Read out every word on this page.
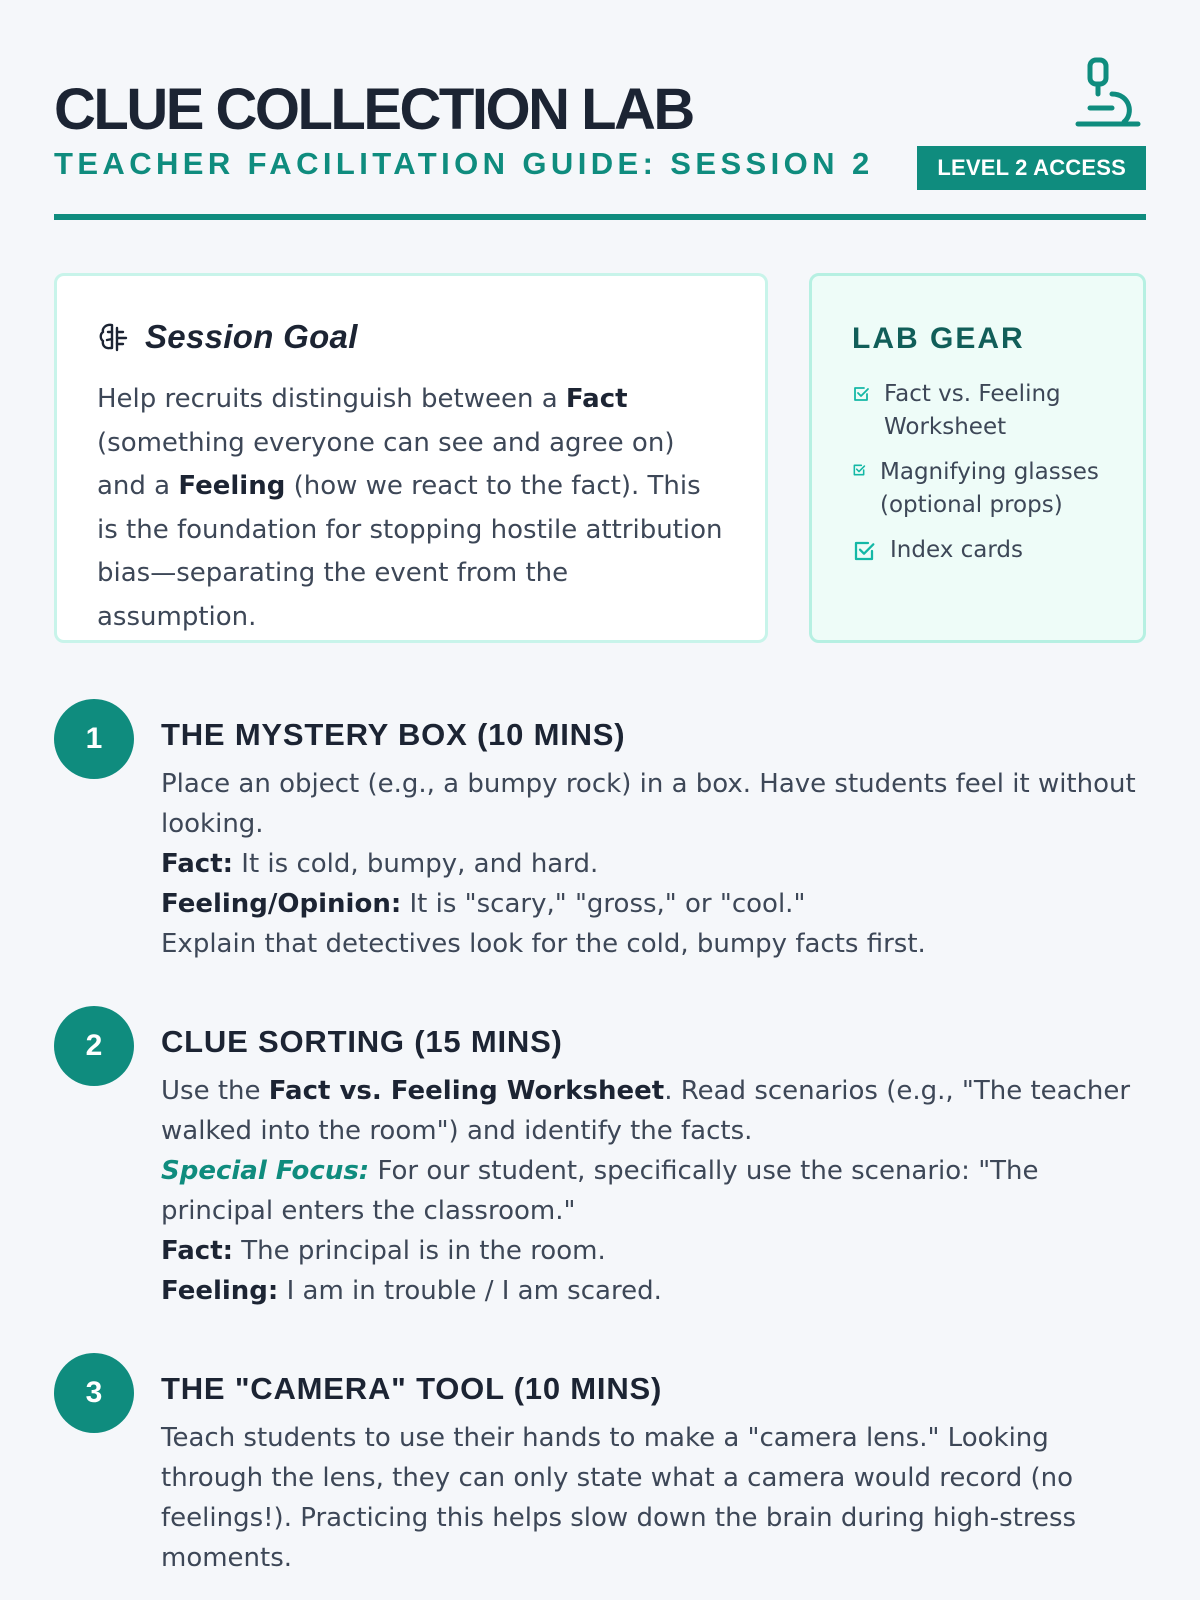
CLUE COLLECTION LAB
TEACHER FACILITATION GUIDE: SESSION 2	LEVEL 2 ACCESS
Session Goal

Help recruits distinguish between a Fact (something everyone can see and agree on) and a Feeling (how we react to the fact). This is the foundation for stopping hostile attribution bias—separating the event from the assumption.

LAB GEAR
Fact vs. Feeling Worksheet
Magnifying glasses (optional props)
Index cards
1	THE MYSTERY BOX (10 MINS)

Place an object (e.g., a bumpy rock) in a box. Have students feel it without looking.

Fact: It is cold, bumpy, and hard.

Feeling/Opinion: It is "scary," "gross," or "cool."

Explain that detectives look for the cold, bumpy facts first.

2	CLUE SORTING (15 MINS)

Use the Fact vs. Feeling Worksheet. Read scenarios (e.g., "The teacher walked into the room") and identify the facts.

Special Focus: For our student, specifically use the scenario: "The principal enters the classroom."

Fact: The principal is in the room.

Feeling: I am in trouble / I am scared.

3	THE "CAMERA" TOOL (10 MINS)

Teach students to use their hands to make a "camera lens." Looking through the lens, they can only state what a camera would record (no feelings!). Practicing this helps slow down the brain during high-stress moments.
